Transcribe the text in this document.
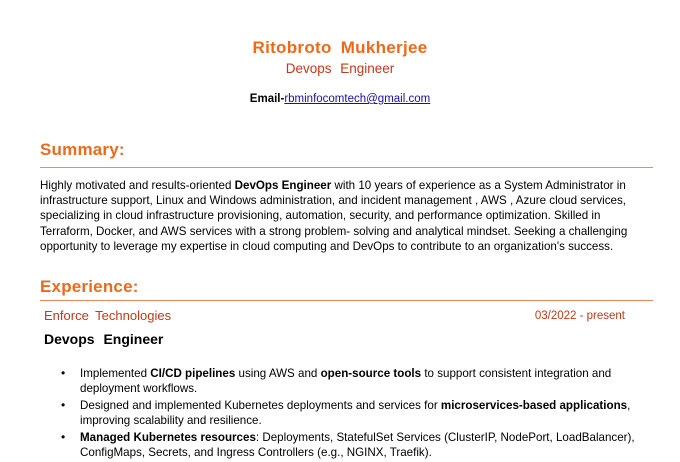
Ritobroto Mukherjee
Devops Engineer
Email-rbminfocomtech@gmail.com
Summary:

Highly motivated and results-oriented DevOps Engineer with 10 years of experience as a System Administrator in infrastructure support, Linux and Windows administration, and incident management , AWS , Azure cloud services, specializing in cloud infrastructure provisioning, automation, security, and performance optimization. Skilled in Terraform, Docker, and AWS services with a strong problem- solving and analytical mindset. Seeking a challenging opportunity to leverage my expertise in cloud computing and DevOps to contribute to an organization's success.

Experience:
Enforce Technologies	03/2022 - present
Devops Engineer
• Implemented CI/CD pipelines using AWS and open-source tools to support consistent integration and deployment workflows.
• Designed and implemented Kubernetes deployments and services for microservices-based applications, improving scalability and resilience.
• Managed Kubernetes resources: Deployments, StatefulSet Services (ClusterIP, NodePort, LoadBalancer), ConfigMaps, Secrets, and Ingress Controllers (e.g., NGINX, Traefik).
